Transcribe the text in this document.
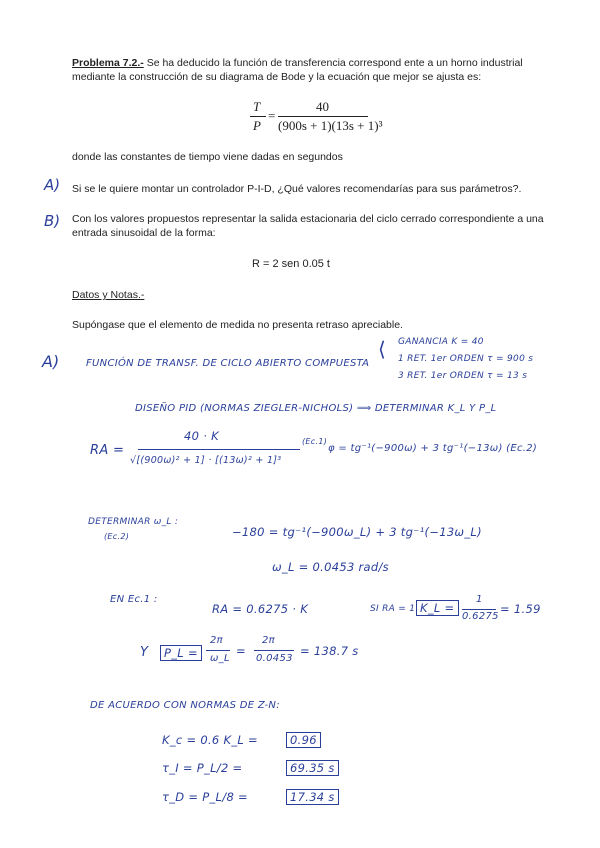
Problema 7.2.- Se ha deducido la función de transferencia correspond ente a un horno industrial mediante la construcción de su diagrama de Bode y la ecuación que mejor se ajusta es:
T
P
=
40
(900s + 1)(13s + 1)³
donde las constantes de tiempo viene dadas en segundos
A) Si se le quiere montar un controlador P-I-D, ¿Qué valores recomendarías para sus parámetros?.
B) Con los valores propuestos representar la salida estacionaria del ciclo cerrado correspondiente a una entrada sinusoidal de la forma:
R = 2 sen 0.05 t
Datos y Notas.-
Supóngase que el elemento de medida no presenta retraso apreciable.
A)	FUNCIÓN DE TRANSF. DE CICLO ABIERTO COMPUESTA
⟨ GANANCIA K = 40
1 RET. 1er ORDEN τ = 900 s
3 RET. 1er ORDEN τ = 13 s
DISEÑO PID (NORMAS ZIEGLER-NICHOLS) ⟹ DETERMINAR K_L Y P_L
RA =
40 · K
√[(900ω)² + 1] · [(13ω)² + 1]³
(Ec.1)
φ = tg⁻¹(−900ω) + 3 tg⁻¹(−13ω) (Ec.2)
DETERMINAR ω_L :
(Ec.2)	−180 = tg⁻¹(−900ω_L) + 3 tg⁻¹(−13ω_L)
ω_L = 0.0453 rad/s
EN Ec.1 :
RA = 0.6275 · K	SI RA = 1 K_L =
1
0.6275
= 1.59
Y	P_L =
2π
ω_L
=
2π
0.0453
= 138.7 s
DE ACUERDO CON NORMAS DE Z-N:
K_c = 0.6 K_L =	0.96
τ_I = P_L/2 =	69.35 s
τ_D = P_L/8 =	17.34 s
